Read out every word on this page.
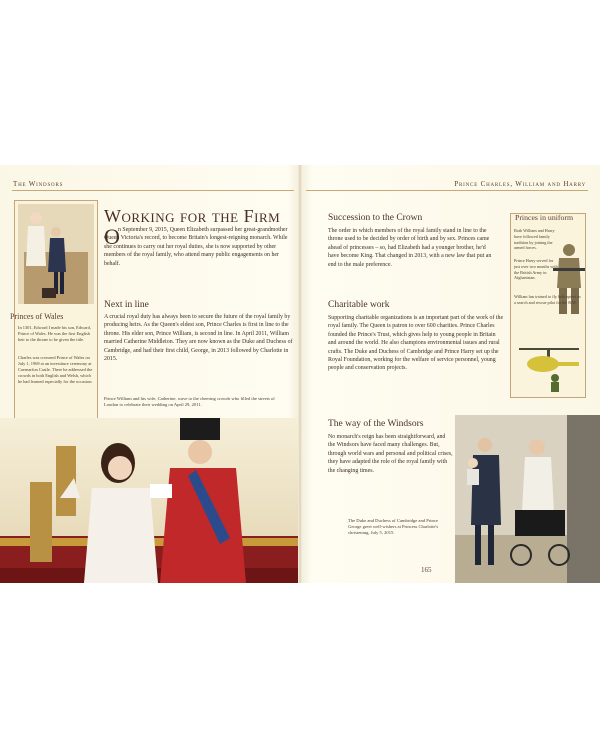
The Windsors	Prince Charles, William and Harry
Princes of Wales

In 1301, Edward I made his son, Edward, Prince of Wales. He was the first English heir to the throne to be given the title.

Charles was crowned Prince of Wales on July 1, 1969 at an investiture ceremony at Caernarfon Castle. There he addressed the crowds in both English and Welsh, which he had learned especially for the occasion.

Working for the Firm
O

n September 9, 2015, Queen Elizabeth surpassed her great-grandmother Queen Victoria's record, to become Britain's longest-reigning monarch. While she continues to carry out her royal duties, she is now supported by other members of the royal family, who attend many public engagements on her behalf.

Next in line

A crucial royal duty has always been to secure the future of the royal family by producing heirs. As the Queen's eldest son, Prince Charles is first in line to the throne. His elder son, Prince William, is second in line. In April 2011, William married Catherine Middleton. They are now known as the Duke and Duchess of Cambridge, and had their first child, George, in 2013 followed by Charlotte in 2015.

Prince William and his wife, Catherine, wave to the cheering crowds who filled the streets of London to celebrate their wedding on April 29, 2011.

Succession to the Crown

The order in which members of the royal family stand in line to the throne used to be decided by order of birth and by sex. Princes came ahead of princesses – so, had Elizabeth had a younger brother, he'd have become King. That changed in 2013, with a new law that put an end to the male preference.

Charitable work

Supporting charitable organizations is an important part of the work of the royal family. The Queen is patron to over 600 charities. Prince Charles founded the Prince's Trust, which gives help to young people in Britain and around the world. He also champions environmental issues and rural crafts. The Duke and Duchess of Cambridge and Prince Harry set up the Royal Foundation, working for the welfare of service personnel, young people and conservation projects.

The way of the Windsors

No monarch's reign has been straightforward, and the Windsors have faced many challenges. But, through world wars and personal and political crises, they have adapted the role of the royal family with the changing times.

The Duke and Duchess of Cambridge and Prince George greet well-wishers at Princess Charlotte's christening, July 5, 2015.

Princes in uniform

Both William and Harry have followed family tradition by joining the armed forces.

Prince Harry served for just over two months with the British Army in Afghanistan.

William has trained to fly helicopters as a search and rescue pilot for the RAF.

165
